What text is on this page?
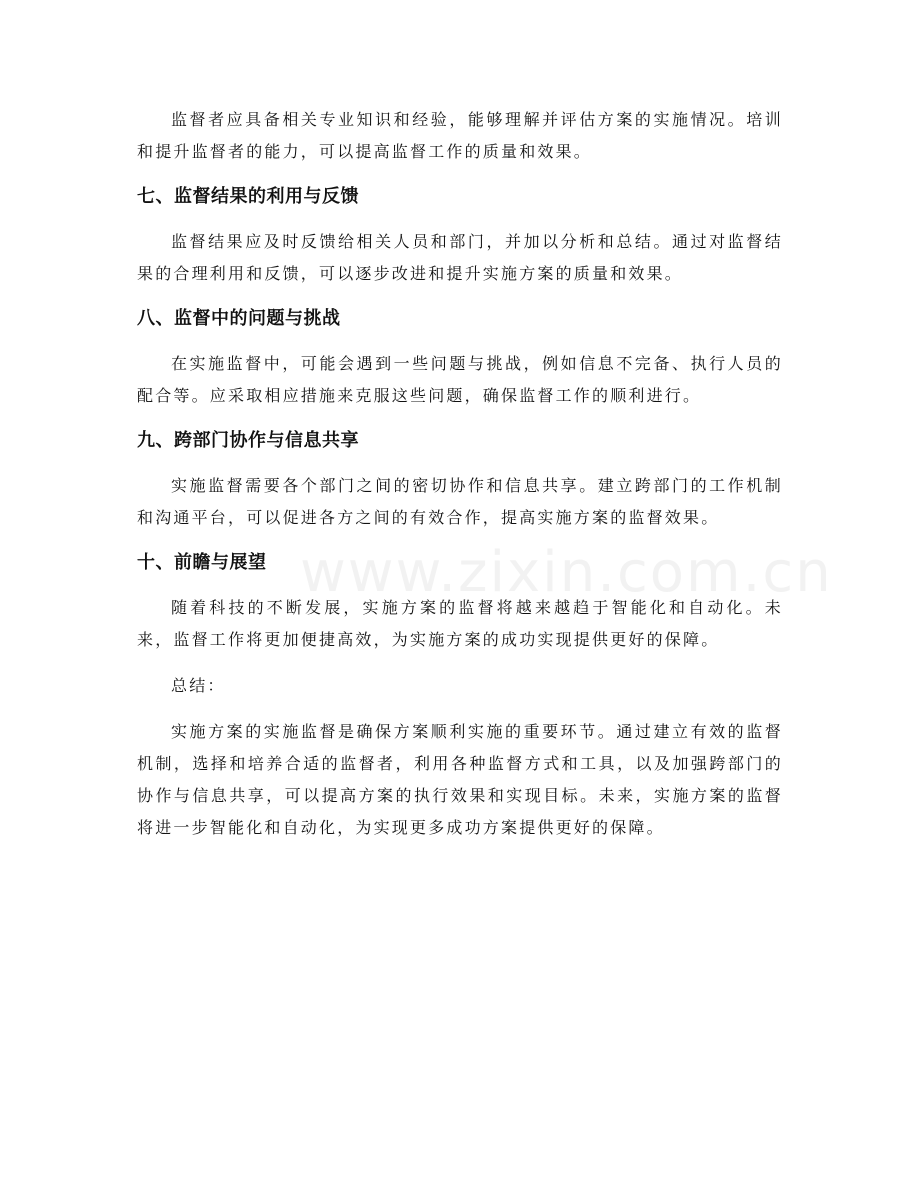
监督者应具备相关专业知识和经验，能够理解并评估方案的实施情况。培训和提升监督者的能力，可以提高监督工作的质量和效果。

七、监督结果的利用与反馈

监督结果应及时反馈给相关人员和部门，并加以分析和总结。通过对监督结果的合理利用和反馈，可以逐步改进和提升实施方案的质量和效果。

八、监督中的问题与挑战

在实施监督中，可能会遇到一些问题与挑战，例如信息不完备、执行人员的配合等。应采取相应措施来克服这些问题，确保监督工作的顺利进行。

九、跨部门协作与信息共享

实施监督需要各个部门之间的密切协作和信息共享。建立跨部门的工作机制和沟通平台，可以促进各方之间的有效合作，提高实施方案的监督效果。

十、前瞻与展望

随着科技的不断发展，实施方案的监督将越来越趋于智能化和自动化。未来，监督工作将更加便捷高效，为实施方案的成功实现提供更好的保障。

总结：

实施方案的实施监督是确保方案顺利实施的重要环节。通过建立有效的监督机制，选择和培养合适的监督者，利用各种监督方式和工具，以及加强跨部门的协作与信息共享，可以提高方案的执行效果和实现目标。未来，实施方案的监督将进一步智能化和自动化，为实现更多成功方案提供更好的保障。

www.zixin.com.cn
